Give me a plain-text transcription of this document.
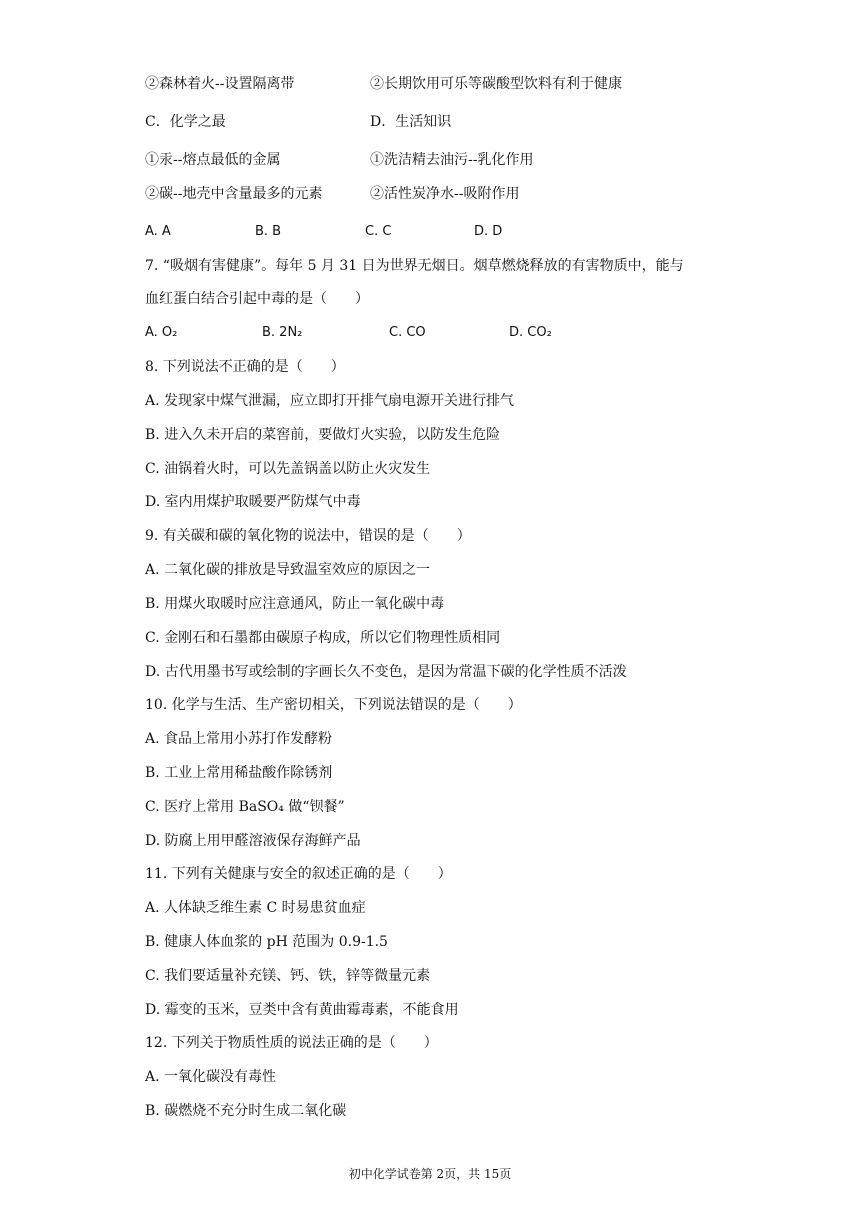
②森林着火--设置隔离带	②长期饮用可乐等碳酸型饮料有利于健康
C．化学之最	D．生活知识
①汞--熔点最低的金属	①洗洁精去油污--乳化作用
②碳--地壳中含量最多的元素	②活性炭净水--吸附作用
A. A	B. B	C. C	D. D
7. “吸烟有害健康”。每年 5 月 31 日为世界无烟日。烟草燃烧释放的有害物质中，能与
血红蛋白结合引起中毒的是（　　）
A. O₂	B. 2N₂	C. CO	D. CO₂
8. 下列说法不正确的是（　　）
A. 发现家中煤气泄漏，应立即打开排气扇电源开关进行排气
B. 进入久未开启的菜窖前，要做灯火实验，以防发生危险
C. 油锅着火时，可以先盖锅盖以防止火灾发生
D. 室内用煤护取暖要严防煤气中毒
9. 有关碳和碳的氧化物的说法中，错误的是（　　）
A. 二氧化碳的排放是导致温室效应的原因之一
B. 用煤火取暖时应注意通风，防止一氧化碳中毒
C. 金刚石和石墨都由碳原子构成，所以它们物理性质相同
D. 古代用墨书写或绘制的字画长久不变色，是因为常温下碳的化学性质不活泼
10. 化学与生活、生产密切相关，下列说法错误的是（　　）
A. 食品上常用小苏打作发酵粉
B. 工业上常用稀盐酸作除锈剂
C. 医疗上常用 BaSO₄ 做“钡餐”
D. 防腐上用甲醛溶液保存海鲜产品
11. 下列有关健康与安全的叙述正确的是（　　）
A. 人体缺乏维生素 C 时易患贫血症
B. 健康人体血浆的 pH 范围为 0.9-1.5
C. 我们要适量补充镁、钙、铁，锌等微量元素
D. 霉变的玉米，豆类中含有黄曲霉毒素，不能食用
12. 下列关于物质性质的说法正确的是（　　）
A. 一氧化碳没有毒性
B. 碳燃烧不充分时生成二氧化碳
初中化学试卷第 2页，共 15页
